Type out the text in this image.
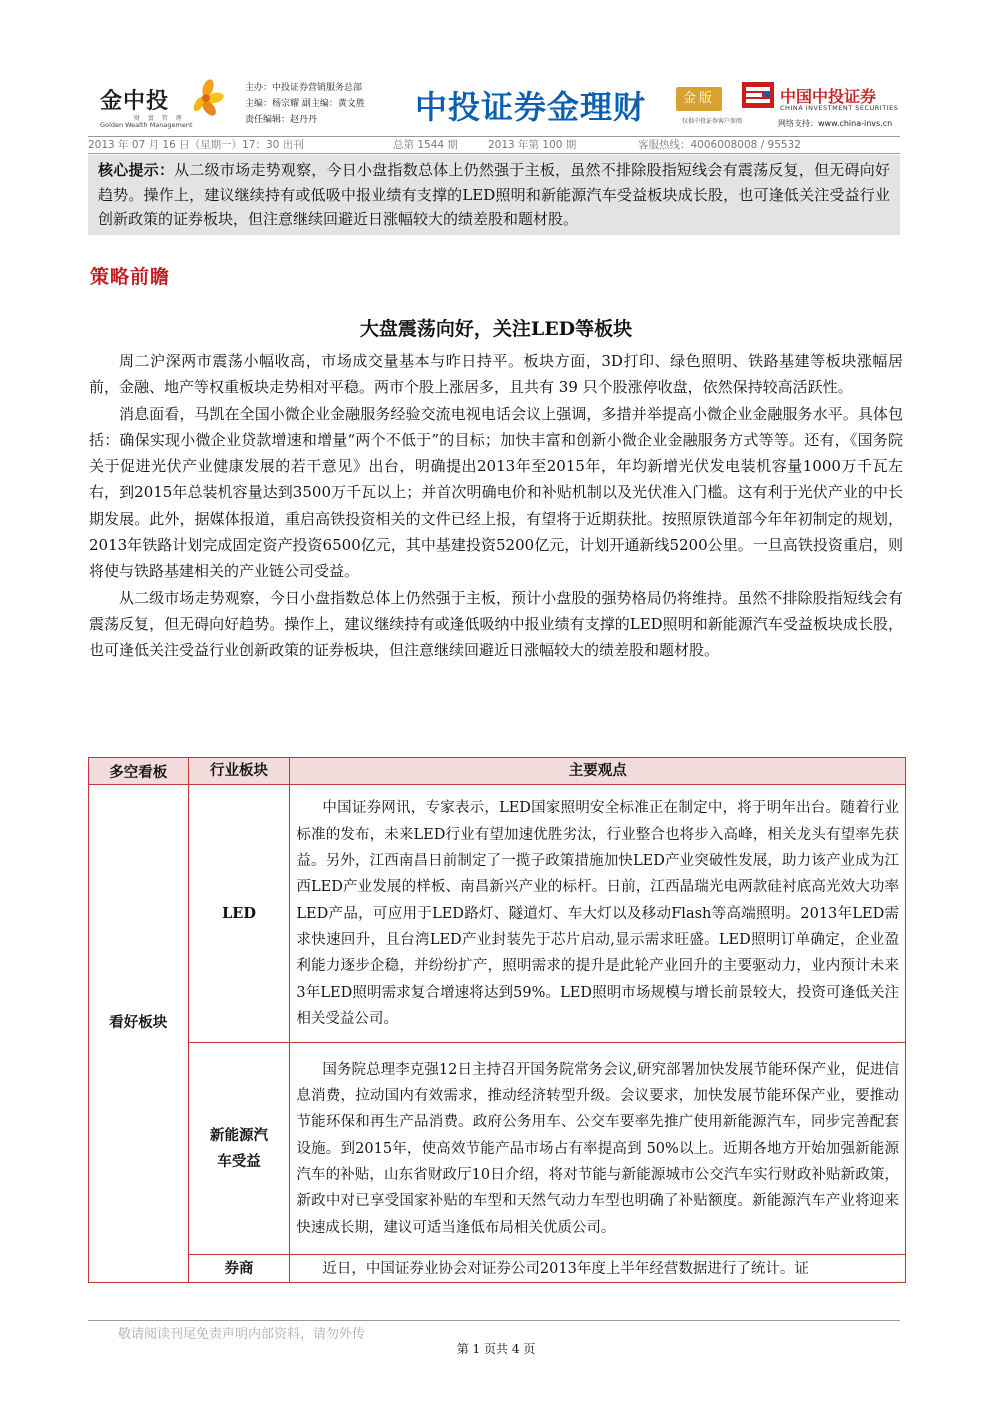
金中投
财 富 管 理
Golden Wealth Management
主办：中投证券营销服务总部
主编：杨宗耀 副主编：黄文胜
责任编辑：赵丹丹	中投证券金理财	金版
仅供中投证券客户参阅
中国中投证券
CHINA INVESTMENT SECURITIES
网络支持：www.china-invs.cn
2013 年 07 月 16 日（星期一）17：30 出刊	总第 1544 期	2013 年第 100 期	客服热线：4006008008 / 95532
核心提示：从二级市场走势观察，今日小盘指数总体上仍然强于主板，虽然不排除股指短线会有震荡反复，但无碍向好趋势。操作上，建议继续持有或低吸中报业绩有支撑的LED照明和新能源汽车受益板块成长股，也可逢低关注受益行业创新政策的证券板块，但注意继续回避近日涨幅较大的绩差股和题材股。
策略前瞻
大盘震荡向好，关注LED等板块

周二沪深两市震荡小幅收高，市场成交量基本与昨日持平。板块方面，3D打印、绿色照明、铁路基建等板块涨幅居前，金融、地产等权重板块走势相对平稳。两市个股上涨居多，且共有 39 只个股涨停收盘，依然保持较高活跃性。

消息面看，马凯在全国小微企业金融服务经验交流电视电话会议上强调，多措并举提高小微企业金融服务水平。具体包括：确保实现小微企业贷款增速和增量“两个不低于”的目标；加快丰富和创新小微企业金融服务方式等等。还有，《国务院关于促进光伏产业健康发展的若干意见》出台，明确提出2013年至2015年，年均新增光伏发电装机容量1000万千瓦左右，到2015年总装机容量达到3500万千瓦以上；并首次明确电价和补贴机制以及光伏准入门槛。这有利于光伏产业的中长期发展。此外，据媒体报道，重启高铁投资相关的文件已经上报，有望将于近期获批。按照原铁道部今年年初制定的规划，2013年铁路计划完成固定资产投资6500亿元，其中基建投资5200亿元，计划开通新线5200公里。一旦高铁投资重启，则将使与铁路基建相关的产业链公司受益。

从二级市场走势观察，今日小盘指数总体上仍然强于主板，预计小盘股的强势格局仍将维持。虽然不排除股指短线会有震荡反复，但无碍向好趋势。操作上，建议继续持有或逢低吸纳中报业绩有支撑的LED照明和新能源汽车受益板块成长股，也可逢低关注受益行业创新政策的证券板块，但注意继续回避近日涨幅较大的绩差股和题材股。

多空看板	行业板块	主要观点
看好板块	LED	中国证券网讯，专家表示，LED国家照明安全标准正在制定中，将于明年出台。随着行业标准的发布，未来LED行业有望加速优胜劣汰，行业整合也将步入高峰，相关龙头有望率先获益。另外，江西南昌日前制定了一揽子政策措施加快LED产业突破性发展，助力该产业成为江西LED产业发展的样板、南昌新兴产业的标杆。日前，江西晶瑞光电两款硅衬底高光效大功率LED产品，可应用于LED路灯、隧道灯、车大灯以及移动Flash等高端照明。2013年LED需求快速回升，且台湾LED产业封装先于芯片启动,显示需求旺盛。LED照明订单确定，企业盈利能力逐步企稳，并纷纷扩产，照明需求的提升是此轮产业回升的主要驱动力，业内预计未来3年LED照明需求复合增速将达到59%。LED照明市场规模与增长前景较大，投资可逢低关注相关受益公司。

	新能源汽车受益	国务院总理李克强12日主持召开国务院常务会议,研究部署加快发展节能环保产业，促进信息消费，拉动国内有效需求，推动经济转型升级。会议要求，加快发展节能环保产业，要推动节能环保和再生产品消费。政府公务用车、公交车要率先推广使用新能源汽车，同步完善配套设施。到2015年，使高效节能产品市场占有率提高到 50%以上。近期各地方开始加强新能源汽车的补贴，山东省财政厅10日介绍，将对节能与新能源城市公交汽车实行财政补贴新政策，新政中对已享受国家补贴的车型和天然气动力车型也明确了补贴额度。新能源汽车产业将迎来快速成长期，建议可适当逢低布局相关优质公司。

	券商	近日，中国证券业协会对证券公司2013年度上半年经营数据进行了统计。证

敬请阅读刊尾免责声明内部资料，请勿外传
第 1 页共 4 页
